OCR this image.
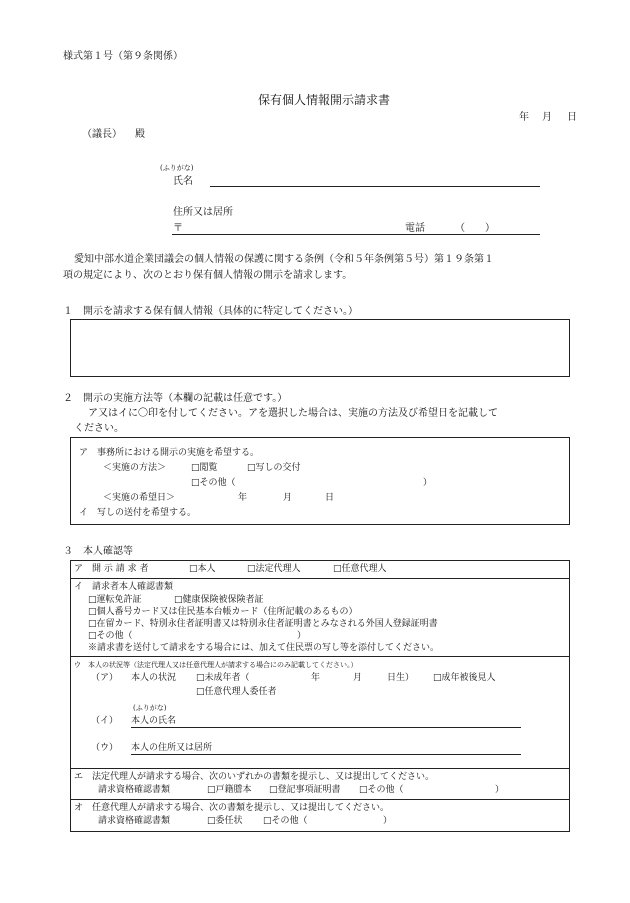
様式第１号（第９条関係）
保有個人情報開示請求書
年 月 日
（議長） 殿
(ふりがな)
氏名
住所又は居所
〒	電話	（　　）
愛知中部水道企業団議会の個人情報の保護に関する条例（令和５年条例第５号）第１９条第１
項の規定により、次のとおり保有個人情報の開示を請求します。
１　開示を請求する保有個人情報（具体的に特定してください。）
２　開示の実施方法等（本欄の記載は任意です。）
ア又はイに〇印を付してください。アを選択した場合は、実施の方法及び希望日を記載して
ください。
ア　事務所における開示の実施を希望する。
＜実施の方法＞	□閲覧	□写しの交付
□その他（	）
＜実施の希望日＞	年	月	日
イ　写しの送付を希望する。
３　本人確認等
ア　開 示 請 求 者	□本人	□法定代理人	□任意代理人
イ　請求者本人確認書類
□運転免許証	□健康保険被保険者証
□個人番号カード又は住民基本台帳カード（住所記載のあるもの）
□在留カード、特別永住者証明書又は特別永住者証明書とみなされる外国人登録証明書
□その他（	）
※請求書を送付して請求をする場合には、加えて住民票の写し等を添付してください。
ウ　本人の状況等（法定代理人又は任意代理人が請求する場合にのみ記載してください。）
（ア） 本人の状況 □未成年者（	年	月	日生） □成年被後見人
□任意代理人委任者
(ふりがな)
（イ） 本人の氏名
（ウ） 本人の住所又は居所
エ　法定代理人が請求する場合、次のいずれかの書類を提示し、又は提出してください。
請求資格確認書類	□戸籍謄本 □登記事項証明書 □その他（	）
オ　任意代理人が請求する場合、次の書類を提示し、又は提出してください。
請求資格確認書類	□委任状 □その他（	）
